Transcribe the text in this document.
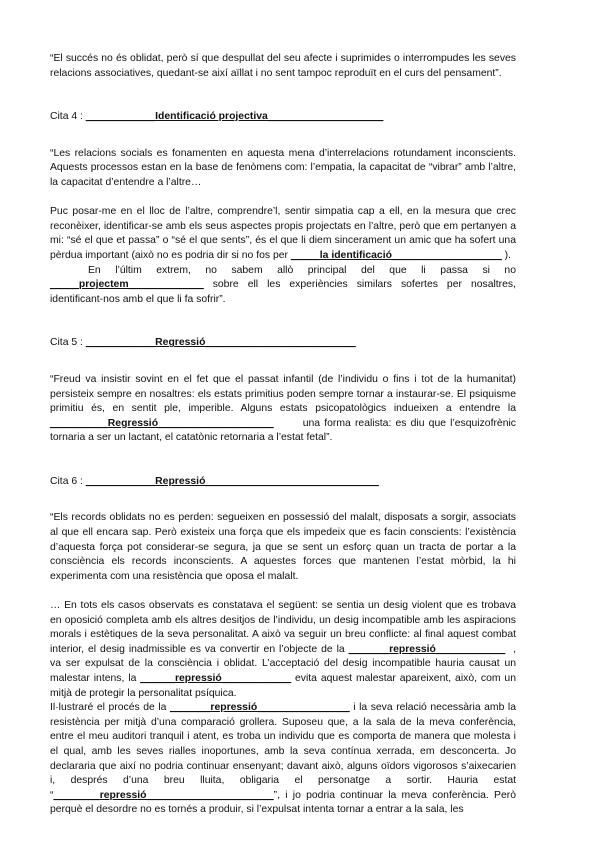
“El succés no és oblidat, però sí que despullat del seu afecte i suprimides o interrompudes les seves relacions associatives, quedant-se així aïllat i no sent tampoc reproduït en el curs del pensament”.

Cita 4 : ____________Identificació projectiva____________________

“Les relacions socials es fonamenten en aquesta mena d’interrelacions rotundament inconscients. Aquests processos estan en la base de fenòmens com: l’empatia, la capacitat de “vibrar” amb l’altre, la capacitat d’entendre a l’altre…

Puc posar-me en el lloc de l’altre, comprendre’l, sentir simpatia cap a ell, en la mesura que crec reconèixer, identificar-se amb els seus aspectes propis projectats en l’altre, però que em pertanyen a mi: “sé el que et passa” o “sé el que sents”, és el que li diem sincerament un amic que ha sofert una pèrdua important (això no es podria dir si no fos per _____la identificació___________________ ).

En l’últim extrem, no sabem allò principal del que li passa si no _____projectem_____________ sobre ell les experiències similars sofertes per nosaltres, identificant-nos amb el que li fa sofrir”.

Cita 5 : ____________Regressió__________________________

“Freud va insistir sovint en el fet que el passat infantil (de l’individu o fins i tot de la humanitat) persisteix sempre en nosaltres: els estats primitius poden sempre tornar a instaurar-se. El psiquisme primitiu és, en sentit ple, imperible. Alguns estats psicopatològics indueixen a entendre la __________Regressió____________________       una forma realista: es diu que l’esquizofrènic tornaria a ser un lactant, el catatònic retornaria a l’estat fetal”.

Cita 6 : ____________Repressió______________________________

“Els records oblidats no es perden: segueixen en possessió del malalt, disposats a sorgir, associats al que ell encara sap. Però existeix una força que els impedeix que es facin conscients: l’existència d’aquesta força pot considerar-se segura, ja que se sent un esforç quan un tracta de portar a la consciència els records inconscients. A aquestes forces que mantenen l’estat mòrbid, la hi experimenta com una resistència que oposa el malalt.

… En tots els casos observats es constatava el següent: se sentia un desig violent que es trobava en oposició completa amb els altres desitjos de l’individu, un desig incompatible amb les aspiracions morals i estètiques de la seva personalitat. A això va seguir un breu conflicte: al final aquest combat interior, el desig inadmissible es va convertir en l’objecte de la _______repressió____________  , va ser expulsat de la consciència i oblidat. L’acceptació del desig incompatible hauria causat un malestar intens, la ______repressió____________ evita aquest malestar apareixent, això, com un mitjà de protegir la personalitat psíquica.

Il·lustraré el procés de la _______repressió________________ i la seva relació necessària amb la resistència per mitjà d’una comparació grollera. Suposeu que, a la sala de la meva conferència, entre el meu auditori tranquil i atent, es troba un individu que es comporta de manera que molesta i el qual, amb les seves rialles inoportunes, amb la seva contínua xerrada, em desconcerta. Jo declararia que així no podria continuar ensenyant; davant això, alguns oïdors vigorosos s’aixecarien i, després d’una breu lluita, obligaria el personatge a sortir. Hauria estat “________repressió______________________”, i jo podria continuar la meva conferència. Però perquè el desordre no es tornés a produir, si l’expulsat intenta tornar a entrar a la sala, les
